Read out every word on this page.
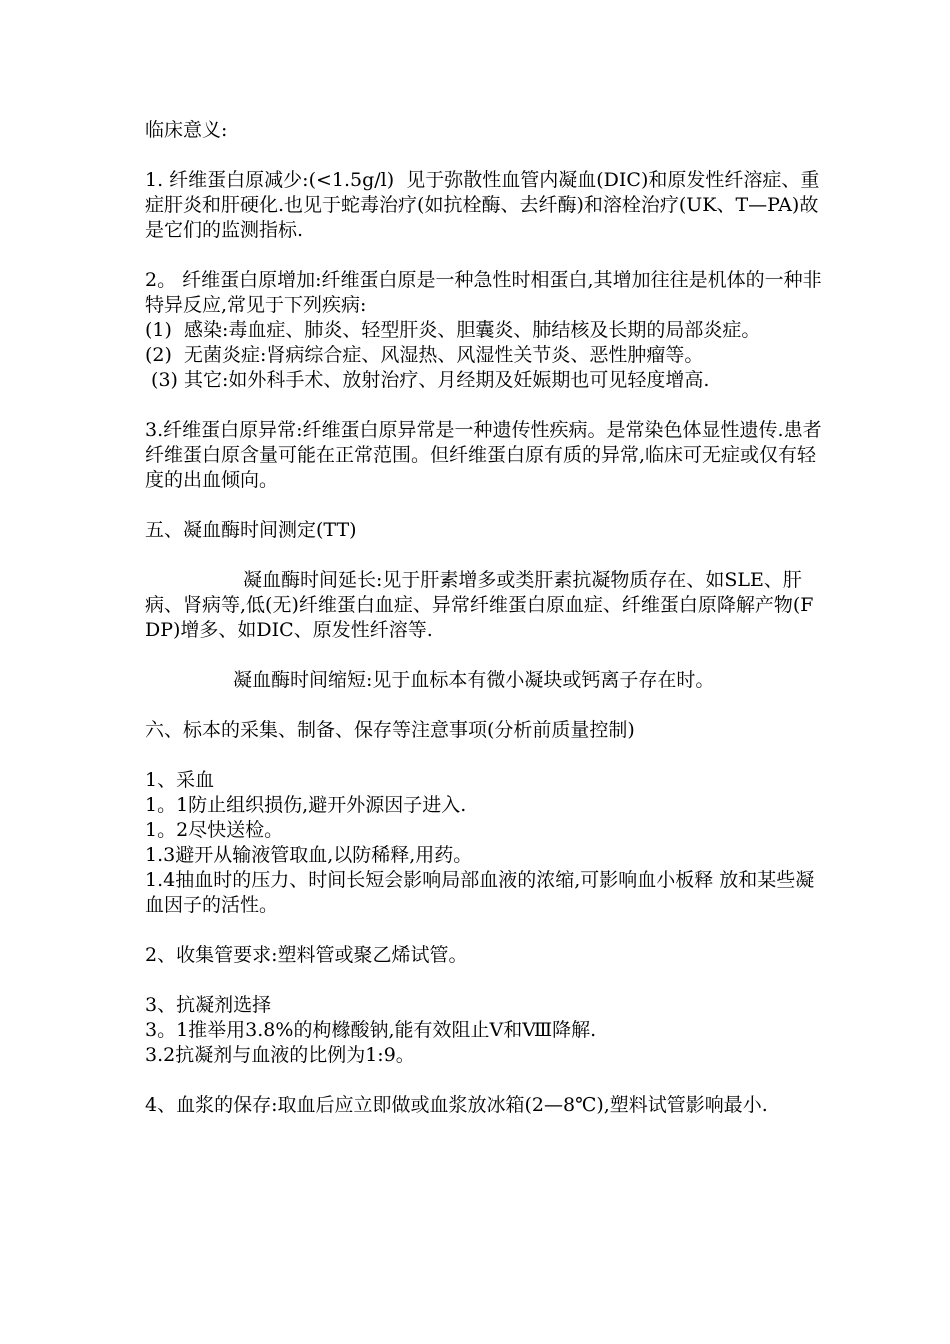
临床意义:

1. 纤维蛋白原减少:(<1.5g/l)  见于弥散性血管内凝血(DIC)和原发性纤溶症、重症肝炎和肝硬化.也见于蛇毒治疗(如抗栓酶、去纤酶)和溶栓治疗(UK、T—PA)故是它们的监测指标.

2。 纤维蛋白原增加:纤维蛋白原是一种急性时相蛋白,其增加往往是机体的一种非特异反应,常见于下列疾病:

(1)  感染:毒血症、肺炎、轻型肝炎、胆囊炎、肺结核及长期的局部炎症。

(2)  无菌炎症:肾病综合症、风湿热、风湿性关节炎、恶性肿瘤等。

(3) 其它:如外科手术、放射治疗、月经期及妊娠期也可见轻度增高.

3.纤维蛋白原异常:纤维蛋白原异常是一种遗传性疾病。是常染色体显性遗传.患者纤维蛋白原含量可能在正常范围。但纤维蛋白原有质的异常,临床可无症或仅有轻度的出血倾向。

五、凝血酶时间测定(TT)

凝血酶时间延长:见于肝素增多或类肝素抗凝物质存在、如SLE、肝病、肾病等,低(无)纤维蛋白血症、异常纤维蛋白原血症、纤维蛋白原降解产物(FDP)增多、如DIC、原发性纤溶等.

凝血酶时间缩短:见于血标本有微小凝块或钙离子存在时。

六、标本的采集、制备、保存等注意事项(分析前质量控制)

1、采血

1。1防止组织损伤,避开外源因子进入.

1。2尽快送检。

1.3避开从输液管取血,以防稀释,用药。

1.4抽血时的压力、时间长短会影响局部血液的浓缩,可影响血小板释 放和某些凝血因子的活性。

2、收集管要求:塑料管或聚乙烯试管。

3、抗凝剂选择

3。1推举用3.8%的枸橼酸钠,能有效阻止Ⅴ和Ⅷ降解.

3.2抗凝剂与血液的比例为1:9。

4、血浆的保存:取血后应立即做或血浆放冰箱(2—8℃),塑料试管影响最小.
